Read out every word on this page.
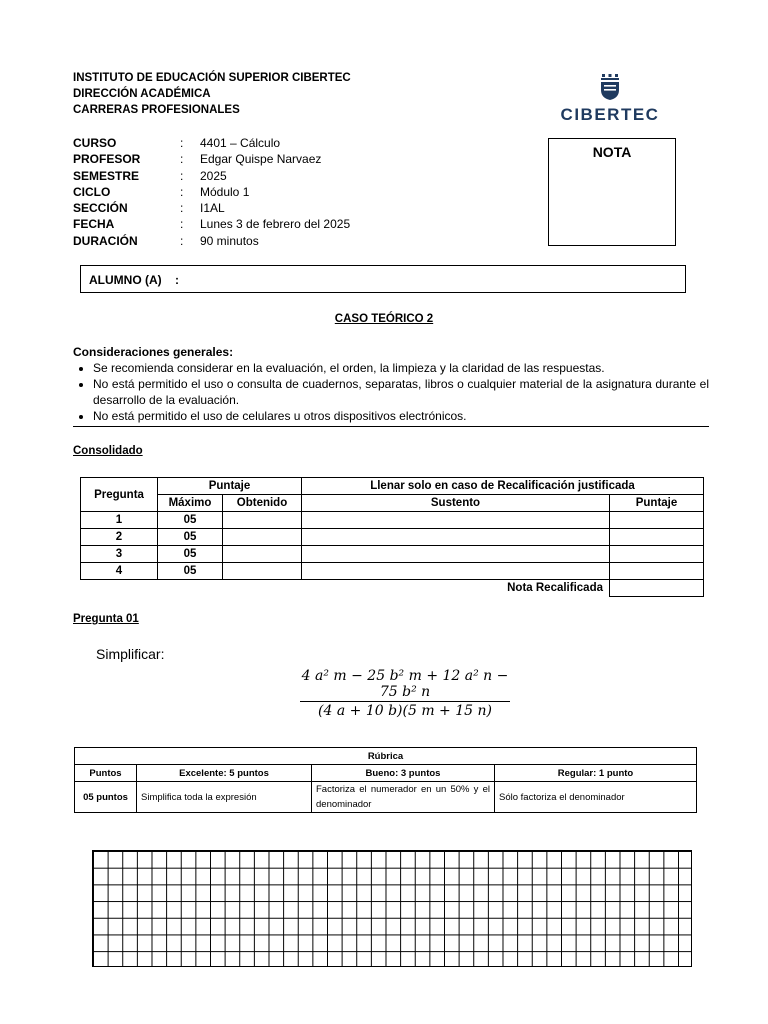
INSTITUTO DE EDUCACIÓN SUPERIOR CIBERTEC
DIRECCIÓN ACADÉMICA
CARRERAS PROFESIONALES	CIBERTEC
CURSO	:	4401 – Cálculo
PROFESOR	:	Edgar Quispe Narvaez
SEMESTRE	:	2025
CICLO	:	Módulo 1
SECCIÓN	:	I1AL
FECHA	:	Lunes 3 de febrero del 2025
DURACIÓN	:	90 minutos
NOTA
ALUMNO (A)    :
CASO TEÓRICO 2
Consideraciones generales:
• Se recomienda considerar en la evaluación, el orden, la limpieza y la claridad de las respuestas.
• No está permitido el uso o consulta de cuadernos, separatas, libros o cualquier material de la asignatura durante el desarrollo de la evaluación.
• No está permitido el uso de celulares u otros dispositivos electrónicos.
Consolidado
Pregunta	Puntaje		Llenar solo en caso de Recalificación justificada	
	Máximo	Obtenido	Sustento	Puntaje
1	05			
2	05			
3	05			
4	05			
Nota Recalificada				
Pregunta 01
Simplificar:
$\frac{\text{4 a² m − 25 b² m + 12 a² n − 75 b² n}}{(4 a + 10 b)(5 m + 15 n)}$
Rúbrica			
Puntos	Excelente: 5 puntos	Bueno: 3 puntos	Regular: 1 punto
05 puntos	Simplifica toda la expresión	Factoriza el numerador en un 50% y el denominador	Sólo factoriza el denominador
